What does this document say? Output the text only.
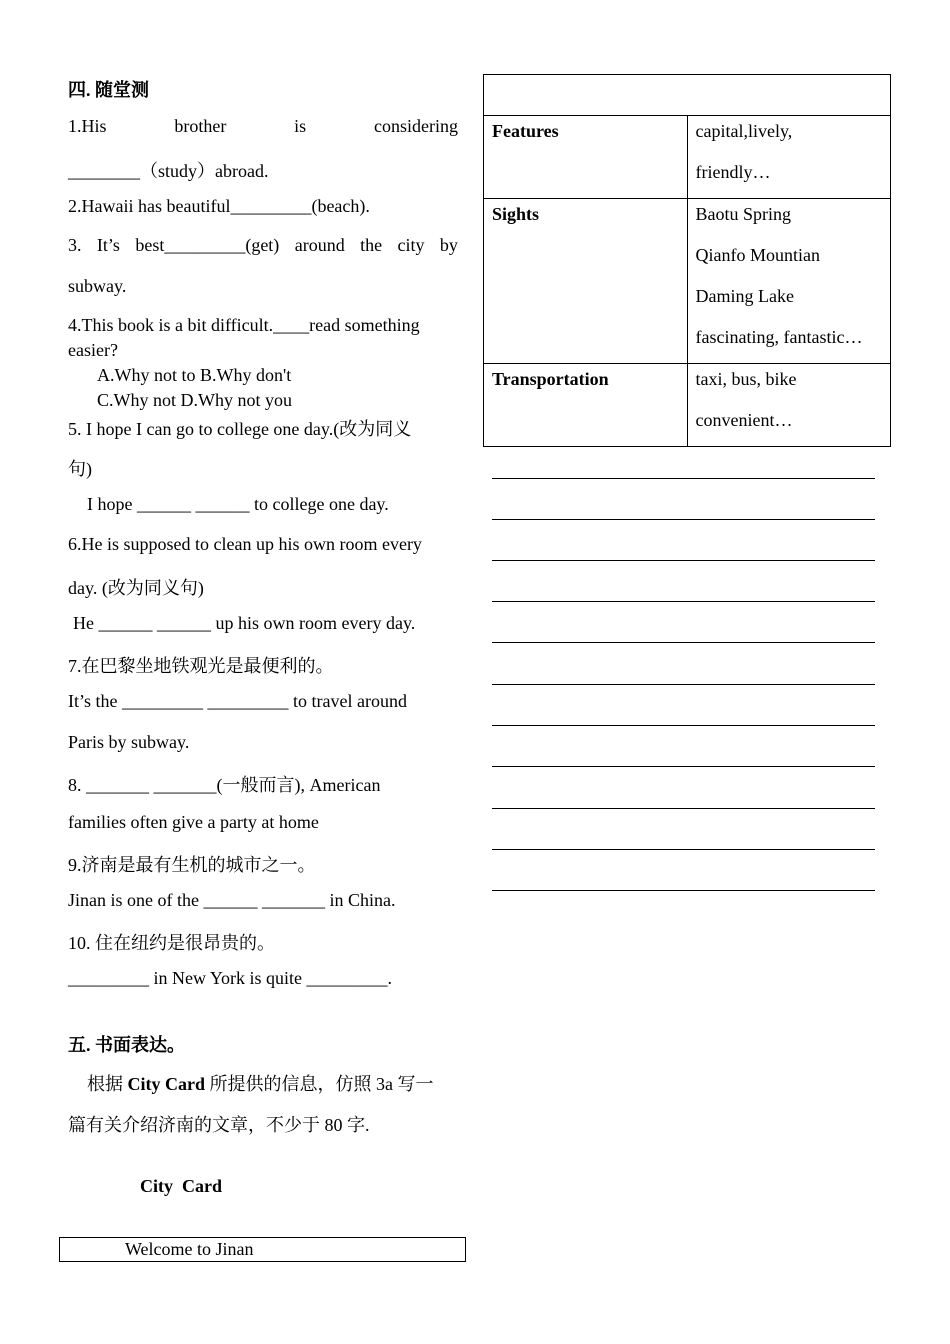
四. 随堂测
1.His	brother	is	considering
________（study）abroad.
2.Hawaii has beautiful_________(beach).
3. It’s best_________(get) around the city by
subway.
4.This book is a bit difficult.____read something
easier?
A.Why not to B.Why don't
C.Why not D.Why not you
5. I hope I can go to college one day.(改为同义
句)
I hope ______ ______ to college one day.
6.He is supposed to clean up his own room every
day. (改为同义句)
He ______ ______ up his own room every day.
7.在巴黎坐地铁观光是最便利的。
It’s the _________ _________ to travel around
Paris by subway.
8. _______ _______(一般而言), American
families often give a party at home
9.济南是最有生机的城市之一。
Jinan is one of the ______ _______ in China.
10. 住在纽约是很昂贵的。
_________ in New York is quite _________.
五. 书面表达。
根据 City Card 所提供的信息，仿照 3a 写一
篇有关介绍济南的文章，不少于 80 字.
City  Card
Welcome to Jinan

Features	capital,lively,
friendly…

Sights	Baotu Spring
Qianfo Mountian
Daming Lake
fascinating, fantastic…

Transportation	taxi, bus, bike
convenient…
